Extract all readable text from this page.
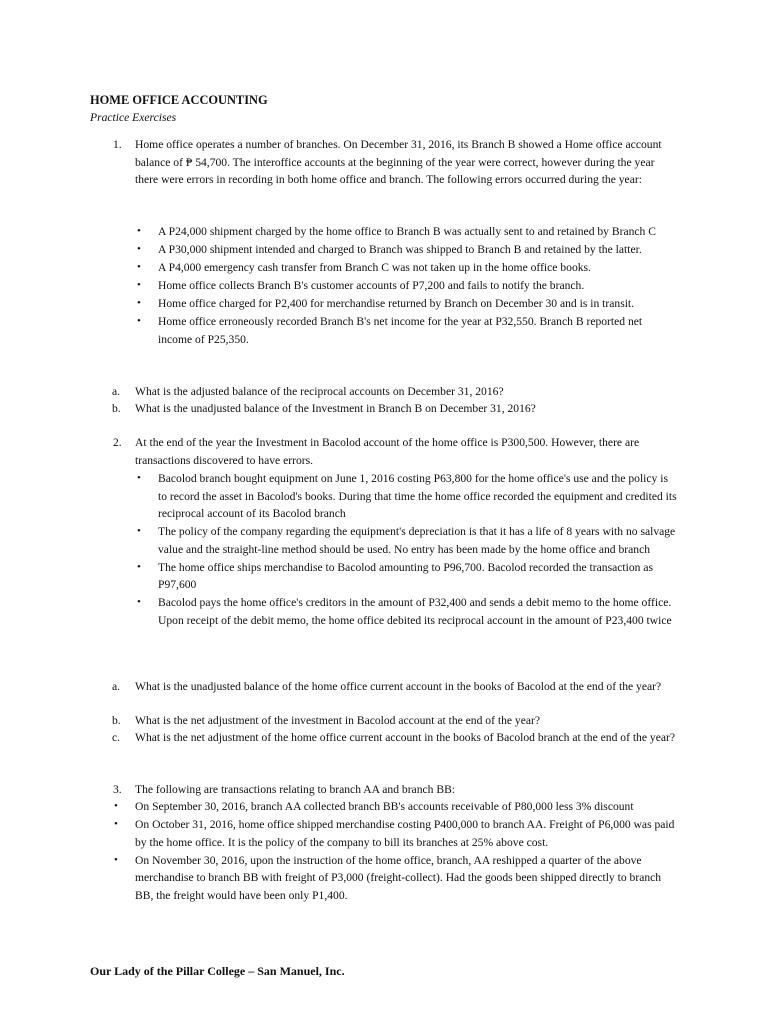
HOME OFFICE ACCOUNTING
Practice Exercises
1. Home office operates a number of branches. On December 31, 2016, its Branch B showed a Home office account balance of ₱ 54,700. The interoffice accounts at the beginning of the year were correct, however during the year there were errors in recording in both home office and branch. The following errors occurred during the year:
• A P24,000 shipment charged by the home office to Branch B was actually sent to and retained by Branch C
• A P30,000 shipment intended and charged to Branch was shipped to Branch B and retained by the latter.
• A P4,000 emergency cash transfer from Branch C was not taken up in the home office books.
• Home office collects Branch B's customer accounts of P7,200 and fails to notify the branch.
• Home office charged for P2,400 for merchandise returned by Branch on December 30 and is in transit.
• Home office erroneously recorded Branch B's net income for the year at P32,550. Branch B reported net income of P25,350.
a. What is the adjusted balance of the reciprocal accounts on December 31, 2016?
b. What is the unadjusted balance of the Investment in Branch B on December 31, 2016?
2. At the end of the year the Investment in Bacolod account of the home office is P300,500. However, there are transactions discovered to have errors.
• Bacolod branch bought equipment on June 1, 2016 costing P63,800 for the home office's use and the policy is to record the asset in Bacolod's books. During that time the home office recorded the equipment and credited its reciprocal account of its Bacolod branch
• The policy of the company regarding the equipment's depreciation is that it has a life of 8 years with no salvage value and the straight-line method should be used. No entry has been made by the home office and branch
• The home office ships merchandise to Bacolod amounting to P96,700. Bacolod recorded the transaction as P97,600
• Bacolod pays the home office's creditors in the amount of P32,400 and sends a debit memo to the home office. Upon receipt of the debit memo, the home office debited its reciprocal account in the amount of P23,400 twice
a. What is the unadjusted balance of the home office current account in the books of Bacolod at the end of the year?
b. What is the net adjustment of the investment in Bacolod account at the end of the year?
c. What is the net adjustment of the home office current account in the books of Bacolod branch at the end of the year?
3. The following are transactions relating to branch AA and branch BB:
• On September 30, 2016, branch AA collected branch BB's accounts receivable of P80,000 less 3% discount
• On October 31, 2016, home office shipped merchandise costing P400,000 to branch AA. Freight of P6,000 was paid by the home office. It is the policy of the company to bill its branches at 25% above cost.
• On November 30, 2016, upon the instruction of the home office, branch, AA reshipped a quarter of the above merchandise to branch BB with freight of P3,000 (freight-collect). Had the goods been shipped directly to branch BB, the freight would have been only P1,400.
Our Lady of the Pillar College – San Manuel, Inc.
